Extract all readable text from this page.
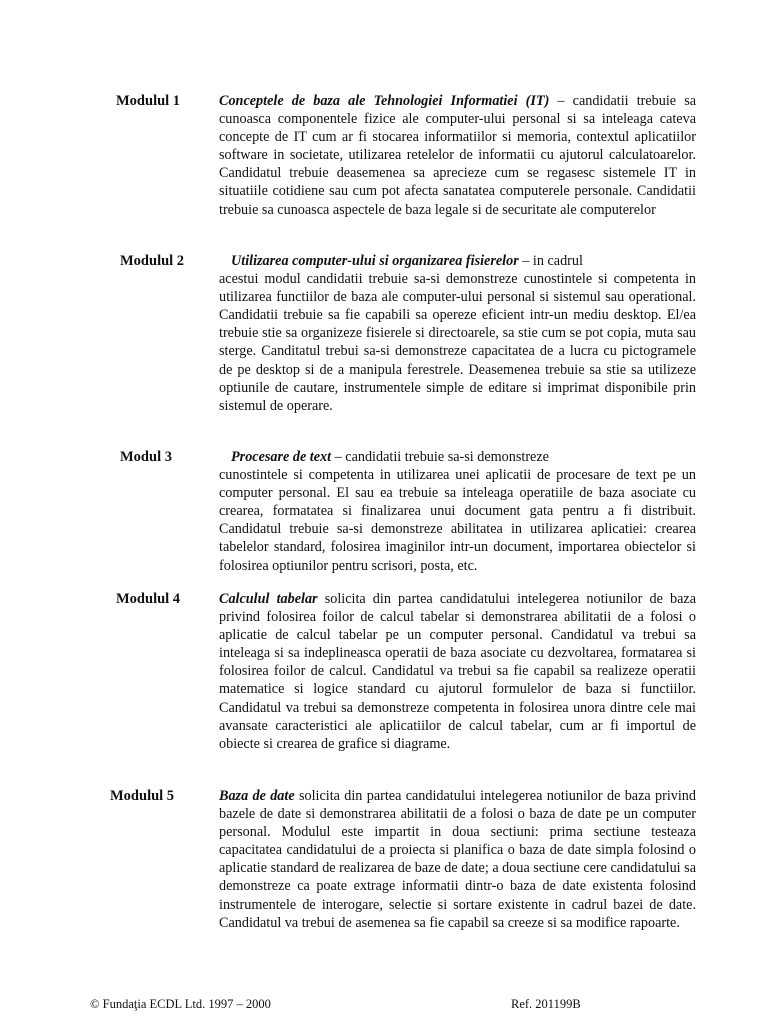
Modulul 1	Conceptele de baza ale Tehnologiei Informatiei (IT) – candidatii trebuie sa cunoasca componentele fizice ale computer-ului personal si sa inteleaga cateva concepte de IT cum ar fi stocarea informatiilor si memoria, contextul aplicatiilor software in societate, utilizarea retelelor de informatii cu ajutorul calculatoarelor. Candidatul trebuie deasemenea sa aprecieze cum se regasesc sistemele IT in situatiile cotidiene sau cum pot afecta sanatatea computerele personale. Candidatii trebuie sa cunoasca aspectele de baza legale si de securitate ale computerelor

Modulul 2	Utilizarea computer-ului si organizarea fisierelor – in cadrul
acestui modul candidatii trebuie sa-si demonstreze cunostintele si competenta in utilizarea functiilor de baza ale computer-ului personal si sistemul sau operational. Candidatii trebuie sa fie capabili sa opereze eficient intr-un mediu desktop. El/ea trebuie stie sa organizeze fisierele si directoarele, sa stie cum se pot copia, muta sau sterge. Canditatul trebui sa-si demonstreze capacitatea de a lucra cu pictogramele de pe desktop si de a manipula ferestrele. Deasemenea trebuie sa stie sa utilizeze optiunile de cautare, instrumentele simple de editare si imprimat disponibile prin sistemul de operare.

Modul 3	Procesare de text – candidatii trebuie sa-si demonstreze
cunostintele si competenta in utilizarea unei aplicatii de procesare de text pe un computer personal. El sau ea trebuie sa inteleaga operatiile de baza asociate cu crearea, formatatea si finalizarea unui document gata pentru a fi distribuit. Candidatul trebuie sa-si demonstreze abilitatea in utilizarea aplicatiei: crearea tabelelor standard, folosirea imaginilor intr-un document, importarea obiectelor si folosirea optiunilor pentru scrisori, posta, etc.

Modulul 4	Calculul tabelar solicita din partea candidatului intelegerea notiunilor de baza privind folosirea foilor de calcul tabelar si demonstrarea abilitatii de a folosi o aplicatie de calcul tabelar pe un computer personal. Candidatul va trebui sa inteleaga si sa indeplineasca operatii de baza asociate cu dezvoltarea, formatarea si folosirea foilor de calcul. Candidatul va trebui sa fie capabil sa realizeze operatii matematice si logice standard cu ajutorul formulelor de baza si functiilor. Candidatul va trebui sa demonstreze competenta in folosirea unora dintre cele mai avansate caracteristici ale aplicatiilor de calcul tabelar, cum ar fi importul de obiecte si crearea de grafice si diagrame.

Modulul 5	Baza de date solicita din partea candidatului intelegerea notiunilor de baza privind bazele de date si demonstrarea abilitatii de a folosi o baza de date pe un computer personal. Modulul este impartit in doua sectiuni: prima sectiune testeaza capacitatea candidatului de a proiecta si planifica o baza de date simpla folosind o aplicatie standard de realizarea de baze de date; a doua sectiune cere candidatului sa demonstreze ca poate extrage informatii dintr-o baza de date existenta folosind instrumentele de interogare, selectie si sortare existente in cadrul bazei de date. Candidatul va trebui de asemenea sa fie capabil sa creeze si sa modifice rapoarte.

© Fundaţia ECDL Ltd. 1997 – 2000	Ref. 201199B
